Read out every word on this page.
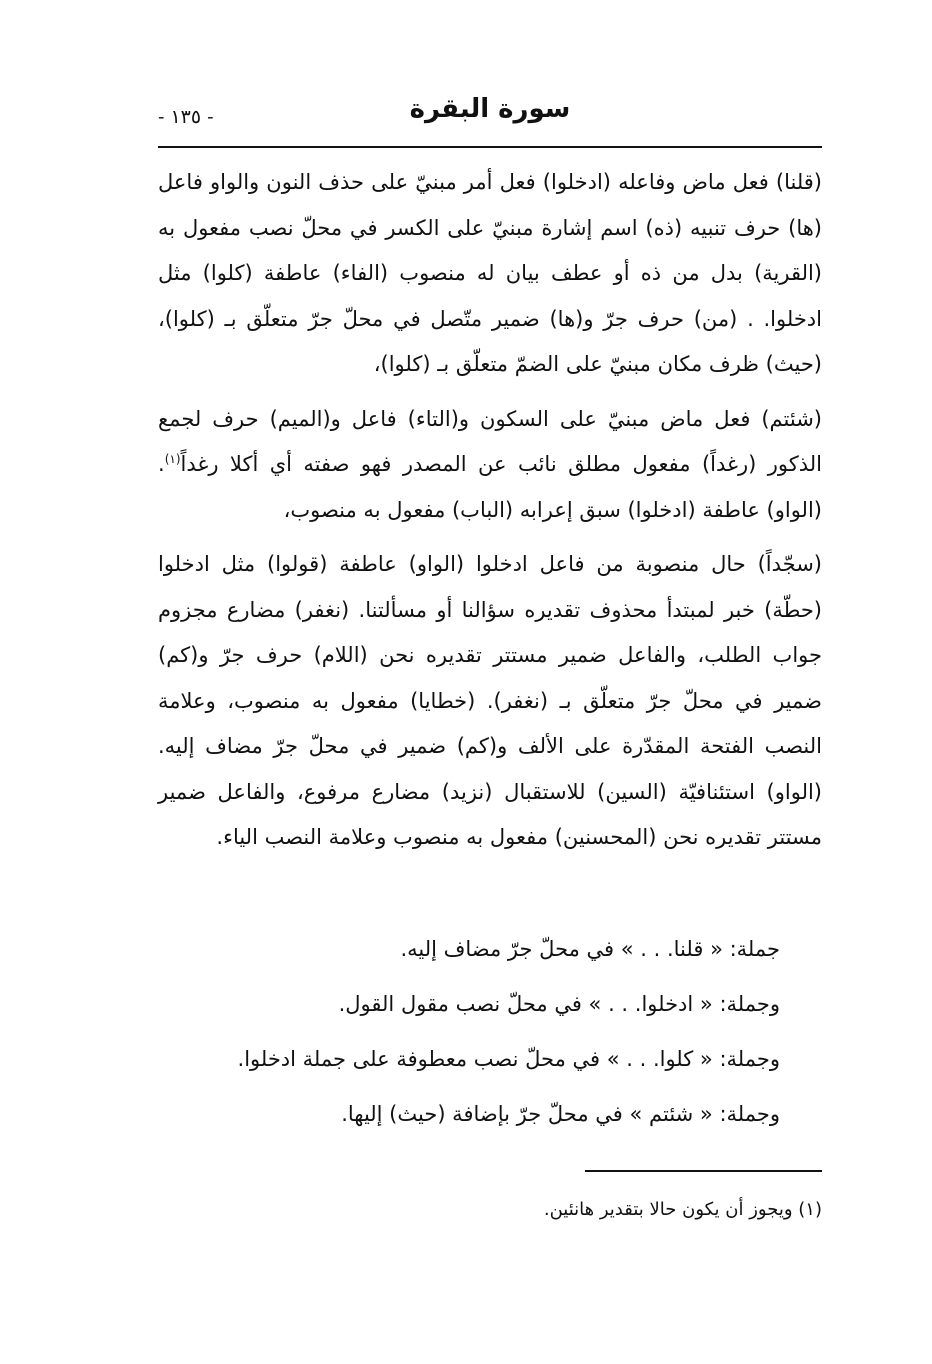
- ١٣٥ -	سورة البقرة

(قلنا) فعل ماض وفاعله (ادخلوا) فعل أمر مبنيّ على حذف النون والواو فاعل (ها) حرف تنبيه (ذه) اسم إشارة مبنيّ على الكسر في محلّ نصب مفعول به (القرية) بدل من ذه أو عطف بيان له منصوب (الفاء) عاطفة (كلوا) مثل ادخلوا. . (من) حرف جرّ و(ها) ضمير متّصل في محلّ جرّ متعلّق بـ (كلوا)، (حيث) ظرف مكان مبنيّ على الضمّ متعلّق بـ (كلوا)،

(شئتم) فعل ماض مبنيّ على السكون و(التاء) فاعل و(الميم) حرف لجمع الذكور (رغداً) مفعول مطلق نائب عن المصدر فهو صفته أي أكلا رغداً$^{(١)}$. (الواو) عاطفة (ادخلوا) سبق إعرابه (الباب) مفعول به منصوب،

(سجّداً) حال منصوبة من فاعل ادخلوا (الواو) عاطفة (قولوا) مثل ادخلوا (حطّة) خبر لمبتدأ محذوف تقديره سؤالنا أو مسألتنا. (نغفر) مضارع مجزوم جواب الطلب، والفاعل ضمير مستتر تقديره نحن (اللام) حرف جرّ و(كم) ضمير في محلّ جرّ متعلّق بـ (نغفر). (خطايا) مفعول به منصوب، وعلامة النصب الفتحة المقدّرة على الألف و(كم) ضمير في محلّ جرّ مضاف إليه. (الواو) استئنافيّة (السين) للاستقبال (نزيد) مضارع مرفوع، والفاعل ضمير مستتر تقديره نحن (المحسنين) مفعول به منصوب وعلامة النصب الياء.

جملة: « قلنا. . . » في محلّ جرّ مضاف إليه.

وجملة: « ادخلوا. . . » في محلّ نصب مقول القول.

وجملة: « كلوا. . . » في محلّ نصب معطوفة على جملة ادخلوا.

وجملة: « شئتم » في محلّ جرّ بإضافة (حيث) إليها.

(١) ويجوز أن يكون حالا بتقدير هانئين.
